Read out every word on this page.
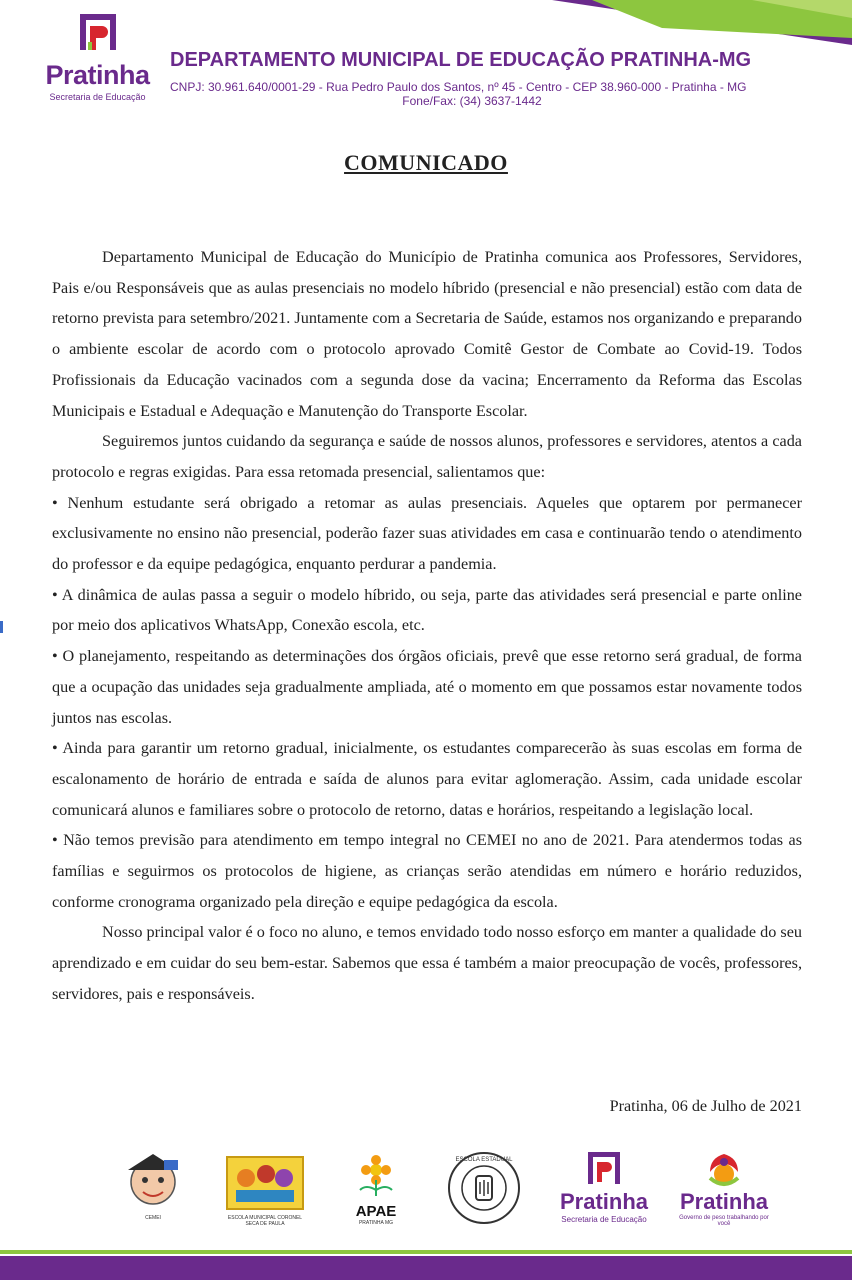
Pratinha
Secretaria de Educação
DEPARTAMENTO MUNICIPAL DE EDUCAÇÃO PRATINHA-MG
CNPJ: 30.961.640/0001-29 - Rua Pedro Paulo dos Santos, nº 45 - Centro - CEP 38.960-000 - Pratinha - MG
Fone/Fax: (34) 3637-1442
COMUNICADO

Departamento Municipal de Educação do Município de Pratinha comunica aos Professores, Servidores, Pais e/ou Responsáveis que as aulas presenciais no modelo híbrido (presencial e não presencial) estão com data de retorno prevista para setembro/2021. Juntamente com a Secretaria de Saúde, estamos nos organizando e preparando o ambiente escolar de acordo com o protocolo aprovado Comitê Gestor de Combate ao Covid-19. Todos Profissionais da Educação vacinados com a segunda dose da vacina; Encerramento da Reforma das Escolas Municipais e Estadual e Adequação e Manutenção do Transporte Escolar.

Seguiremos juntos cuidando da segurança e saúde de nossos alunos, professores e servidores, atentos a cada protocolo e regras exigidas. Para essa retomada presencial, salientamos que:

• Nenhum estudante será obrigado a retomar as aulas presenciais. Aqueles que optarem por permanecer exclusivamente no ensino não presencial, poderão fazer suas atividades em casa e continuarão tendo o atendimento do professor e da equipe pedagógica, enquanto perdurar a pandemia.

• A dinâmica de aulas passa a seguir o modelo híbrido, ou seja, parte das atividades será presencial e parte online por meio dos aplicativos WhatsApp, Conexão escola, etc.

• O planejamento, respeitando as determinações dos órgãos oficiais, prevê que esse retorno será gradual, de forma que a ocupação das unidades seja gradualmente ampliada, até o momento em que possamos estar novamente todos juntos nas escolas.

• Ainda para garantir um retorno gradual, inicialmente, os estudantes comparecerão às suas escolas em forma de escalonamento de horário de entrada e saída de alunos para evitar aglomeração. Assim, cada unidade escolar comunicará alunos e familiares sobre o protocolo de retorno, datas e horários, respeitando a legislação local.

• Não temos previsão para atendimento em tempo integral no CEMEI no ano de 2021. Para atendermos todas as famílias e seguirmos os protocolos de higiene, as crianças serão atendidas em número e horário reduzidos, conforme cronograma organizado pela direção e equipe pedagógica da escola.

Nosso principal valor é o foco no aluno, e temos envidado todo nosso esforço em manter a qualidade do seu aprendizado e em cuidar do seu bem-estar. Sabemos que essa é também a maior preocupação de vocês, professores, servidores, pais e responsáveis.

Pratinha, 06 de Julho de 2021
CEMEI	ESCOLA MUNICIPAL CORONEL SECA DE PAULA
APAE
PRATINHA MG
ESCOLA ESTADUAL
Pratinha
Secretaria de Educação
Pratinha
Governo de peso trabalhando por você
